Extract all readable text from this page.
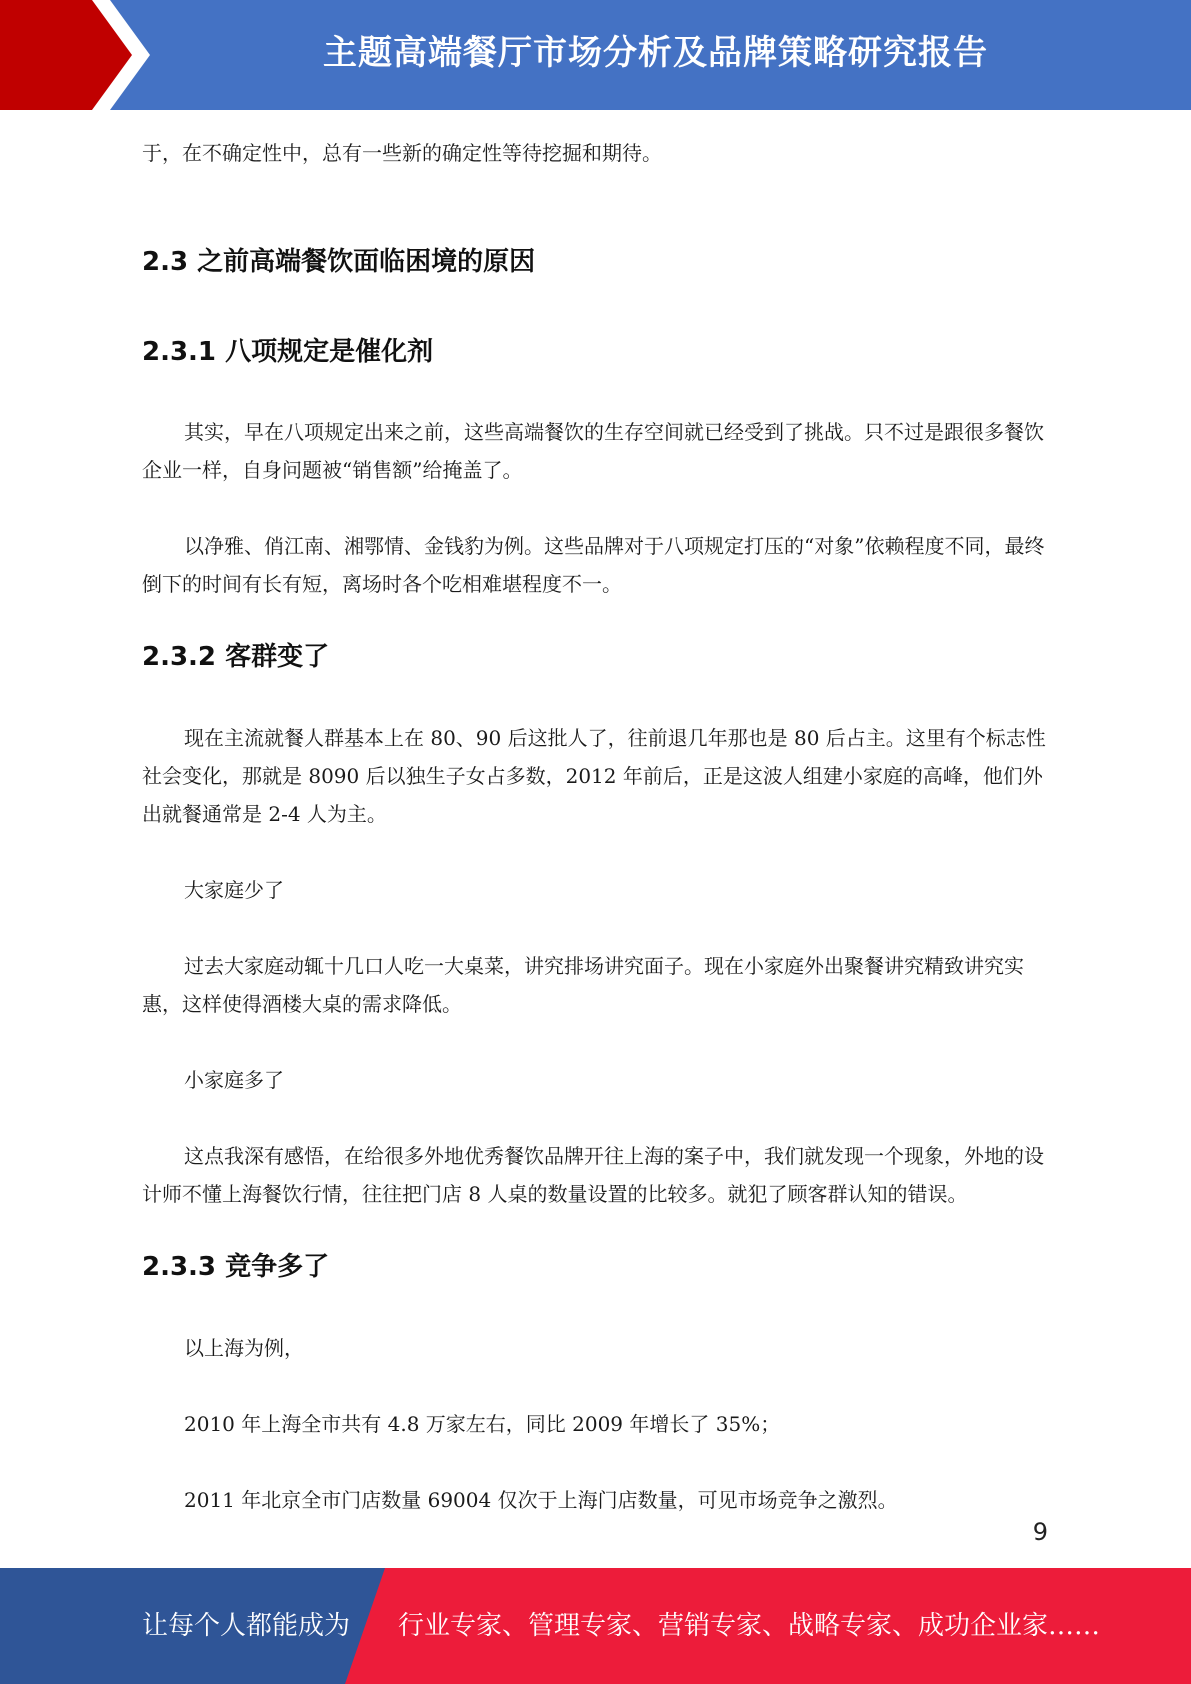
主题高端餐厅市场分析及品牌策略研究报告

于，在不确定性中，总有一些新的确定性等待挖掘和期待。

2.3 之前高端餐饮面临困境的原因
2.3.1 八项规定是催化剂

其实，早在八项规定出来之前，这些高端餐饮的生存空间就已经受到了挑战。只不过是跟很多餐饮企业一样，自身问题被“销售额”给掩盖了。

以净雅、俏江南、湘鄂情、金钱豹为例。这些品牌对于八项规定打压的“对象”依赖程度不同，最终倒下的时间有长有短，离场时各个吃相难堪程度不一。

2.3.2 客群变了

现在主流就餐人群基本上在 80、90 后这批人了，往前退几年那也是 80 后占主。这里有个标志性社会变化，那就是 8090 后以独生子女占多数，2012 年前后，正是这波人组建小家庭的高峰，他们外出就餐通常是 2-4 人为主。

大家庭少了

过去大家庭动辄十几口人吃一大桌菜，讲究排场讲究面子。现在小家庭外出聚餐讲究精致讲究实惠，这样使得酒楼大桌的需求降低。

小家庭多了

这点我深有感悟，在给很多外地优秀餐饮品牌开往上海的案子中，我们就发现一个现象，外地的设计师不懂上海餐饮行情，往往把门店 8 人桌的数量设置的比较多。就犯了顾客群认知的错误。

2.3.3 竞争多了

以上海为例，

2010 年上海全市共有 4.8 万家左右，同比 2009 年增长了 35%；

2011 年北京全市门店数量 69004 仅次于上海门店数量，可见市场竞争之激烈。

9
让每个人都能成为 行业专家、管理专家、营销专家、战略专家、成功企业家……
